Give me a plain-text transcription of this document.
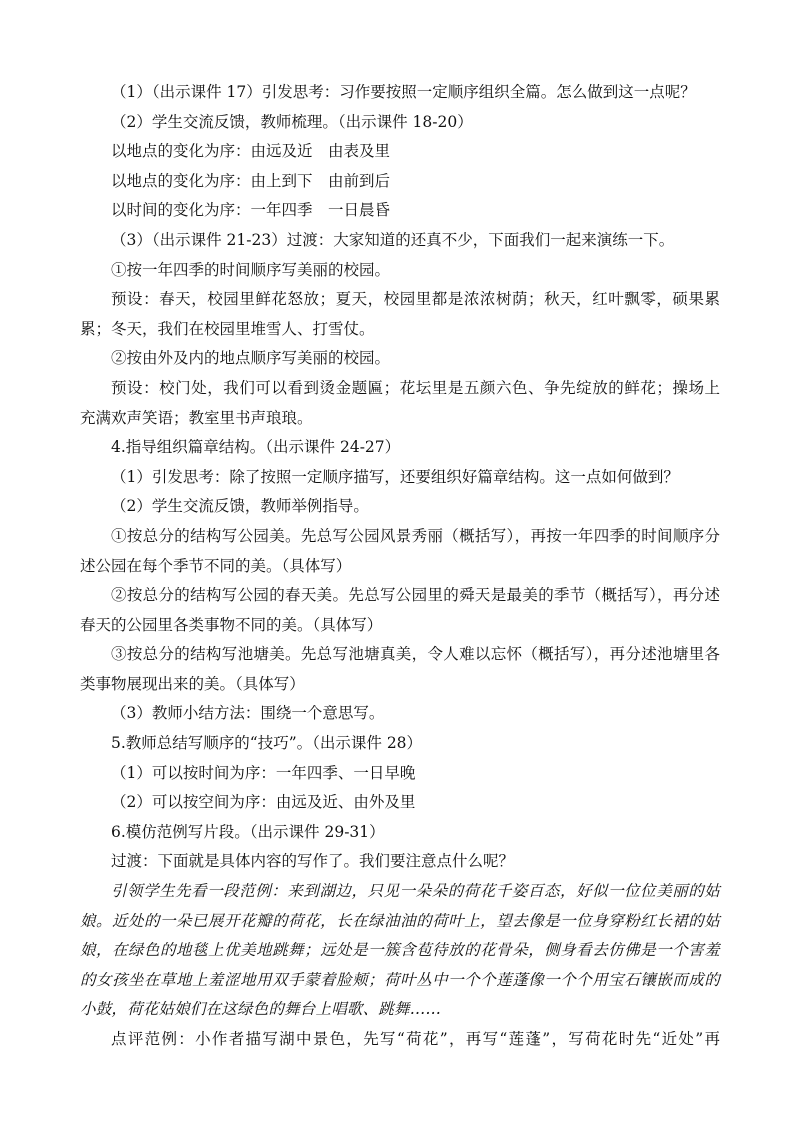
（1）（出示课件 17）引发思考：习作要按照一定顺序组织全篇。怎么做到这一点呢？
（2）学生交流反馈，教师梳理。（出示课件 18-20）
以地点的变化为序：由远及近　由表及里
以地点的变化为序：由上到下　由前到后
以时间的变化为序：一年四季　一日晨昏
（3）（出示课件 21-23）过渡：大家知道的还真不少，下面我们一起来演练一下。
①按一年四季的时间顺序写美丽的校园。
预设：春天，校园里鲜花怒放；夏天，校园里都是浓浓树荫；秋天，红叶飘零，硕果累
累；冬天，我们在校园里堆雪人、打雪仗。
②按由外及内的地点顺序写美丽的校园。
预设：校门处，我们可以看到烫金题匾；花坛里是五颜六色、争先绽放的鲜花；操场上
充满欢声笑语；教室里书声琅琅。
4.指导组织篇章结构。（出示课件 24-27）
（1）引发思考：除了按照一定顺序描写，还要组织好篇章结构。这一点如何做到？
（2）学生交流反馈，教师举例指导。
①按总分的结构写公园美。先总写公园风景秀丽（概括写），再按一年四季的时间顺序分
述公园在每个季节不同的美。（具体写）
②按总分的结构写公园的春天美。先总写公园里的舜天是最美的季节（概括写），再分述
春天的公园里各类事物不同的美。（具体写）
③按总分的结构写池塘美。先总写池塘真美，令人难以忘怀（概括写），再分述池塘里各
类事物展现出来的美。（具体写）
（3）教师小结方法：围绕一个意思写。
5.教师总结写顺序的“技巧”。（出示课件 28）
（1）可以按时间为序：一年四季、一日早晚
（2）可以按空间为序：由远及近、由外及里
6.模仿范例写片段。（出示课件 29-31）
过渡：下面就是具体内容的写作了。我们要注意点什么呢？
引领学生先看一段范例：来到湖边，只见一朵朵的荷花千姿百态，好似一位位美丽的姑
娘。近处的一朵已展开花瓣的荷花，长在绿油油的荷叶上，望去像是一位身穿粉红长裙的姑
娘，在绿色的地毯上优美地跳舞；远处是一簇含苞待放的花骨朵，侧身看去仿佛是一个害羞
的女孩坐在草地上羞涩地用双手蒙着脸颊；荷叶丛中一个个莲蓬像一个个用宝石镶嵌而成的
小鼓，荷花姑娘们在这绿色的舞台上唱歌、跳舞……
点评范例：小作者描写湖中景色，先写“荷花”，再写“莲蓬”，写荷花时先“近处”再
